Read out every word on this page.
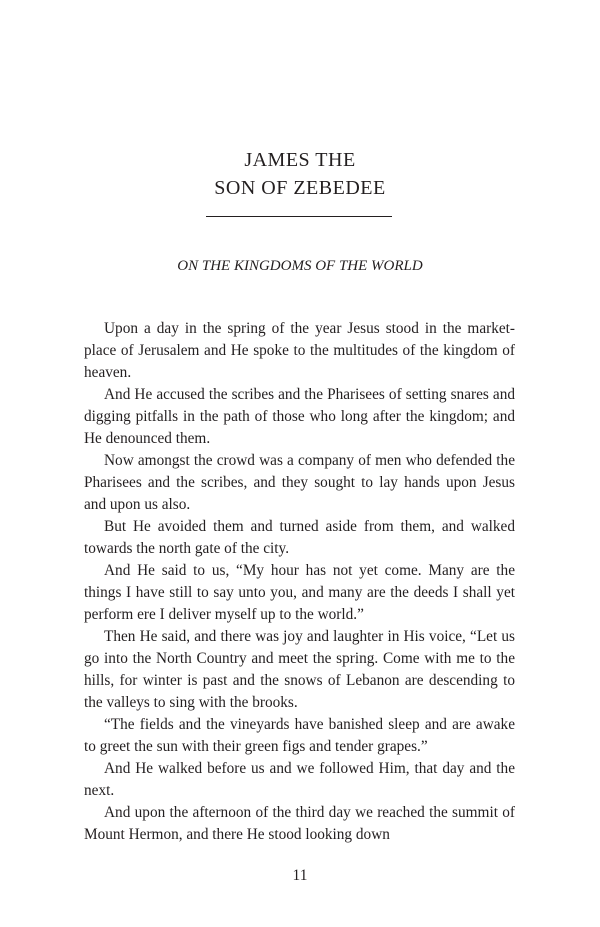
JAMES THE
SON OF ZEBEDEE
ON THE KINGDOMS OF THE WORLD

Upon a day in the spring of the year Jesus stood in the market-place of Jerusalem and He spoke to the multitudes of the kingdom of heaven.

And He accused the scribes and the Pharisees of setting snares and digging pitfalls in the path of those who long after the kingdom; and He denounced them.

Now amongst the crowd was a company of men who defended the Pharisees and the scribes, and they sought to lay hands upon Jesus and upon us also.

But He avoided them and turned aside from them, and walked towards the north gate of the city.

And He said to us, “My hour has not yet come. Many are the things I have still to say unto you, and many are the deeds I shall yet perform ere I deliver myself up to the world.”

Then He said, and there was joy and laughter in His voice, “Let us go into the North Country and meet the spring. Come with me to the hills, for winter is past and the snows of Lebanon are descending to the valleys to sing with the brooks.

“The fields and the vineyards have banished sleep and are awake to greet the sun with their green figs and tender grapes.”

And He walked before us and we followed Him, that day and the next.

And upon the afternoon of the third day we reached the summit of Mount Hermon, and there He stood looking down

11
